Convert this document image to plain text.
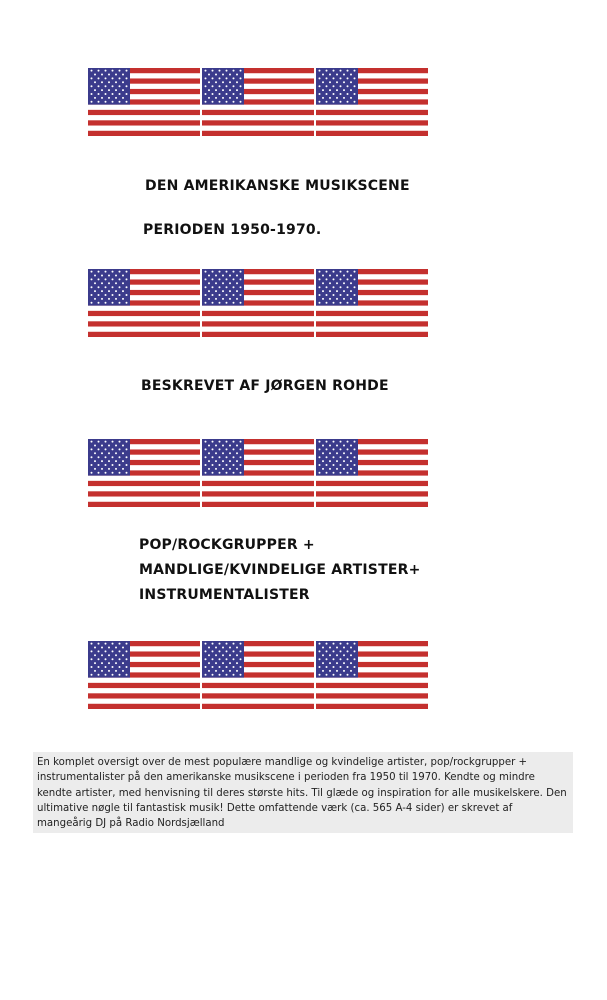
DEN AMERIKANSKE MUSIKSCENE
PERIODEN 1950-1970.
BESKREVET AF JØRGEN ROHDE
POP/ROCKGRUPPER +
MANDLIGE/KVINDELIGE ARTISTER+
INSTRUMENTALISTER
En komplet oversigt over de mest populære mandlige og kvindelige artister, pop/rockgrupper + instrumentalister på den amerikanske musikscene i perioden fra 1950 til 1970. Kendte og mindre kendte artister, med henvisning til deres største hits. Til glæde og inspiration for alle musikelskere. Den ultimative nøgle til fantastisk musik! Dette omfattende værk (ca. 565 A-4 sider) er skrevet af mangeårig DJ på Radio Nordsjælland
